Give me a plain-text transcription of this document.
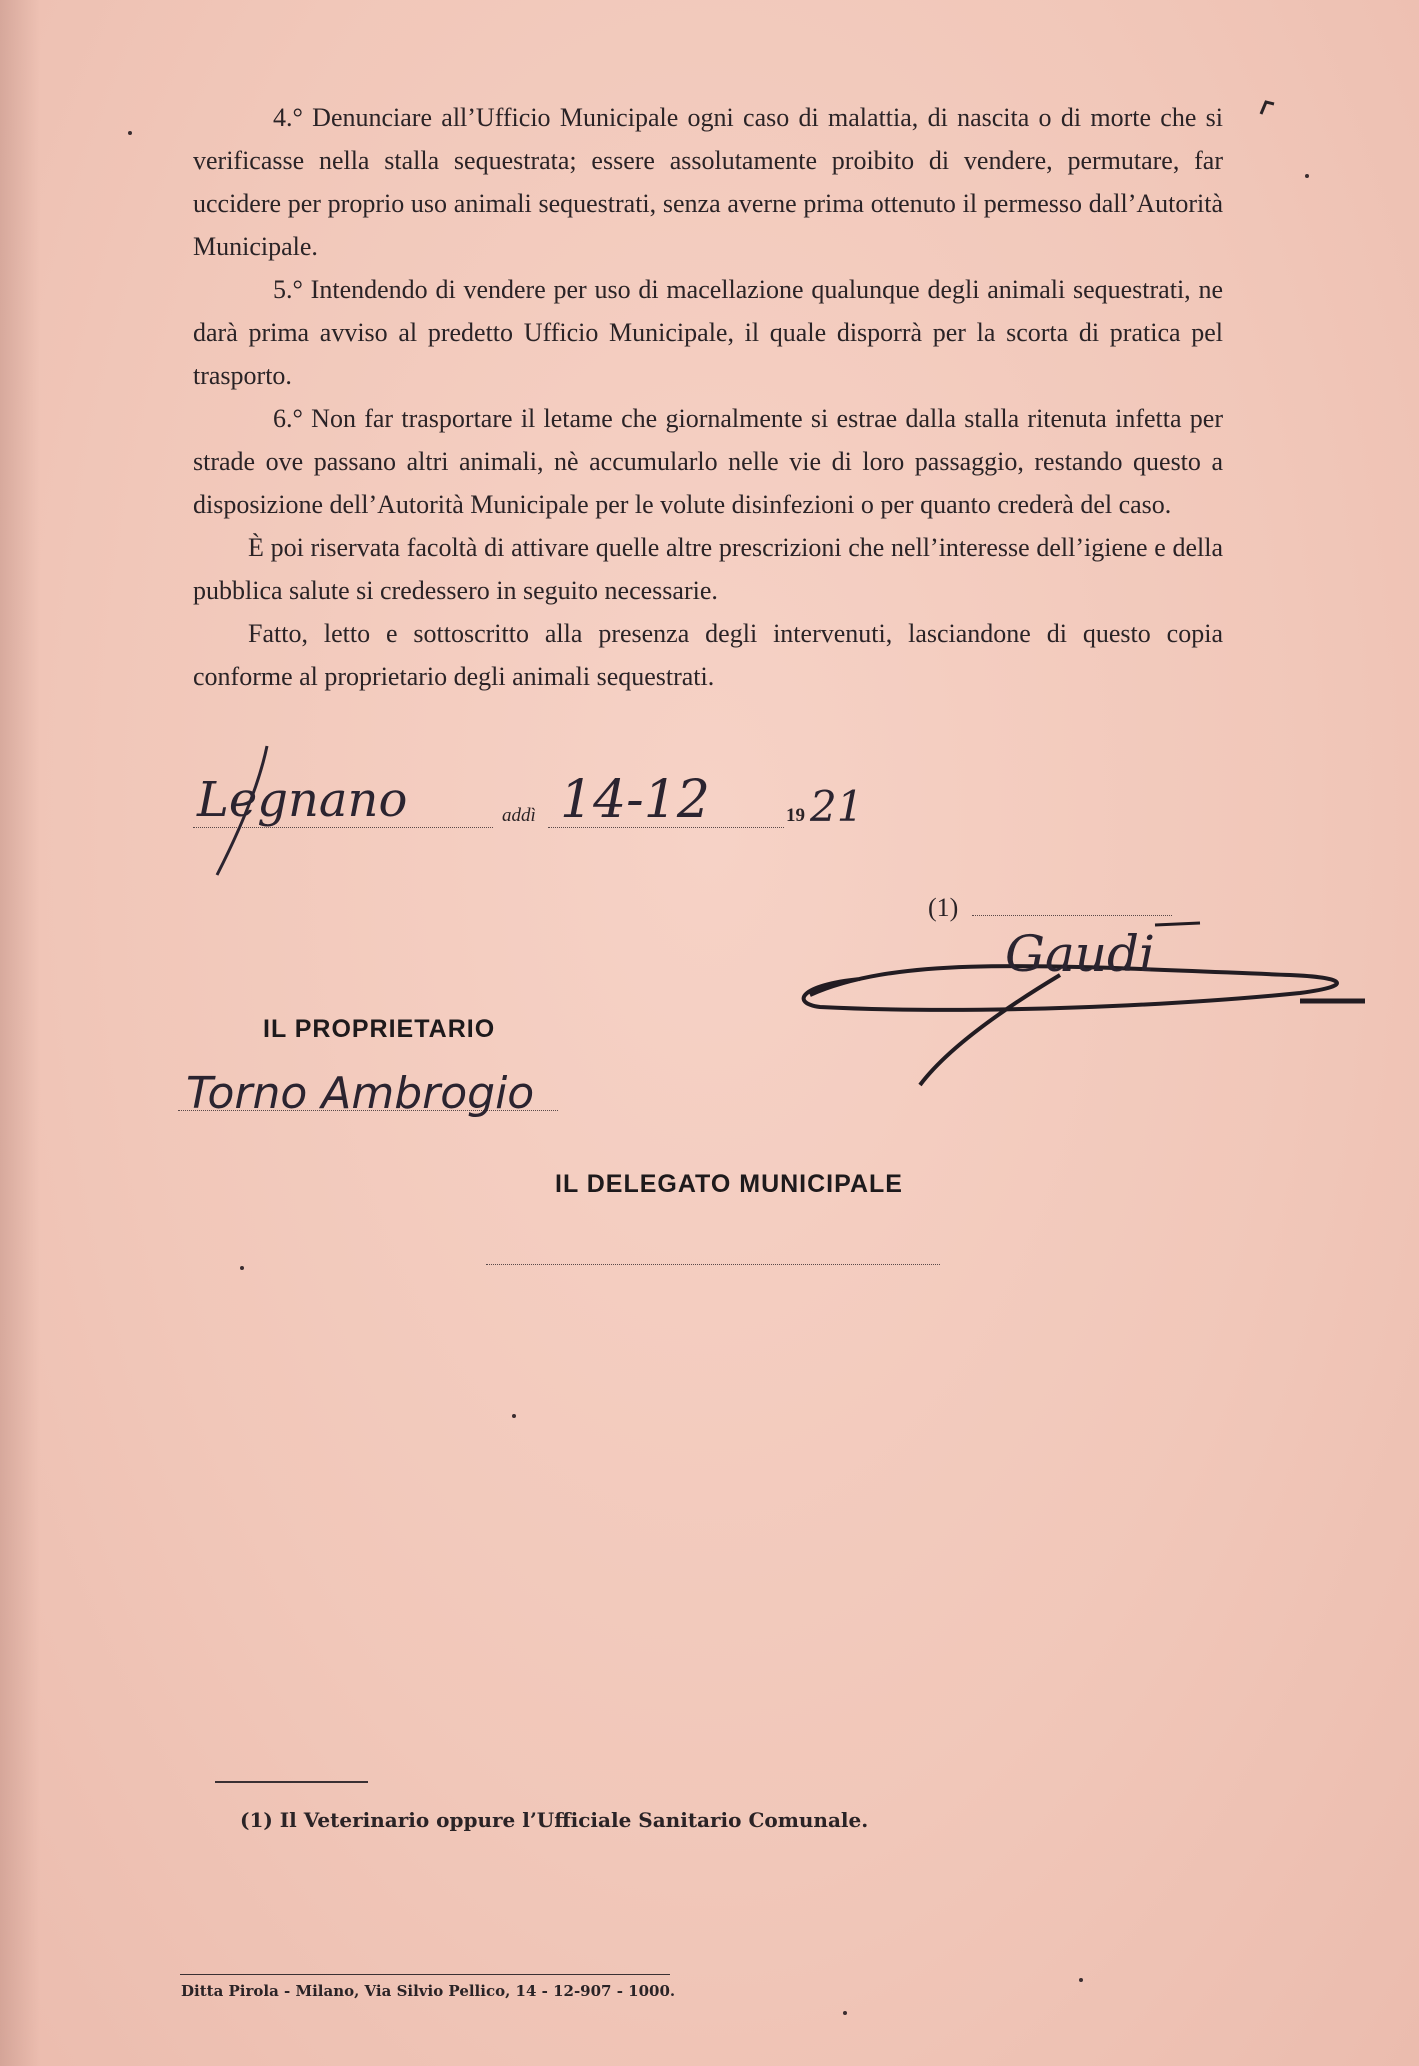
4.° Denunciare all’Ufficio Municipale ogni caso di malattia, di nascita o di morte che si verificasse nella stalla sequestrata; essere assolutamente proibito di vendere, permutare, far uccidere per proprio uso animali sequestrati, senza averne prima ottenuto il permesso dall’Autorità Municipale.

5.° Intendendo di vendere per uso di macellazione qualunque degli animali sequestrati, ne darà prima avviso al predetto Ufficio Municipale, il quale disporrà per la scorta di pratica pel trasporto.

6.° Non far trasportare il letame che giornalmente si estrae dalla stalla ritenuta infetta per strade ove passano altri animali, nè accumularlo nelle vie di loro passaggio, restando questo a disposizione dell’Autorità Municipale per le volute disinfezioni o per quanto crederà del caso.

È poi riservata facoltà di attivare quelle altre prescrizioni che nell’interesse dell’igiene e della pubblica salute si credessero in seguito necessarie.

Fatto, letto e sottoscritto alla presenza degli intervenuti, lasciandone di questo copia conforme al proprietario degli animali sequestrati.

Legnano	addì 14-12	19 21
(1)
Gaudi
IL PROPRIETARIO
Torno Ambrogio
IL DELEGATO MUNICIPALE
(1) Il Veterinario oppure l’Ufficiale Sanitario Comunale.
Ditta Pirola - Milano, Via Silvio Pellico, 14 - 12-907 - 1000.
